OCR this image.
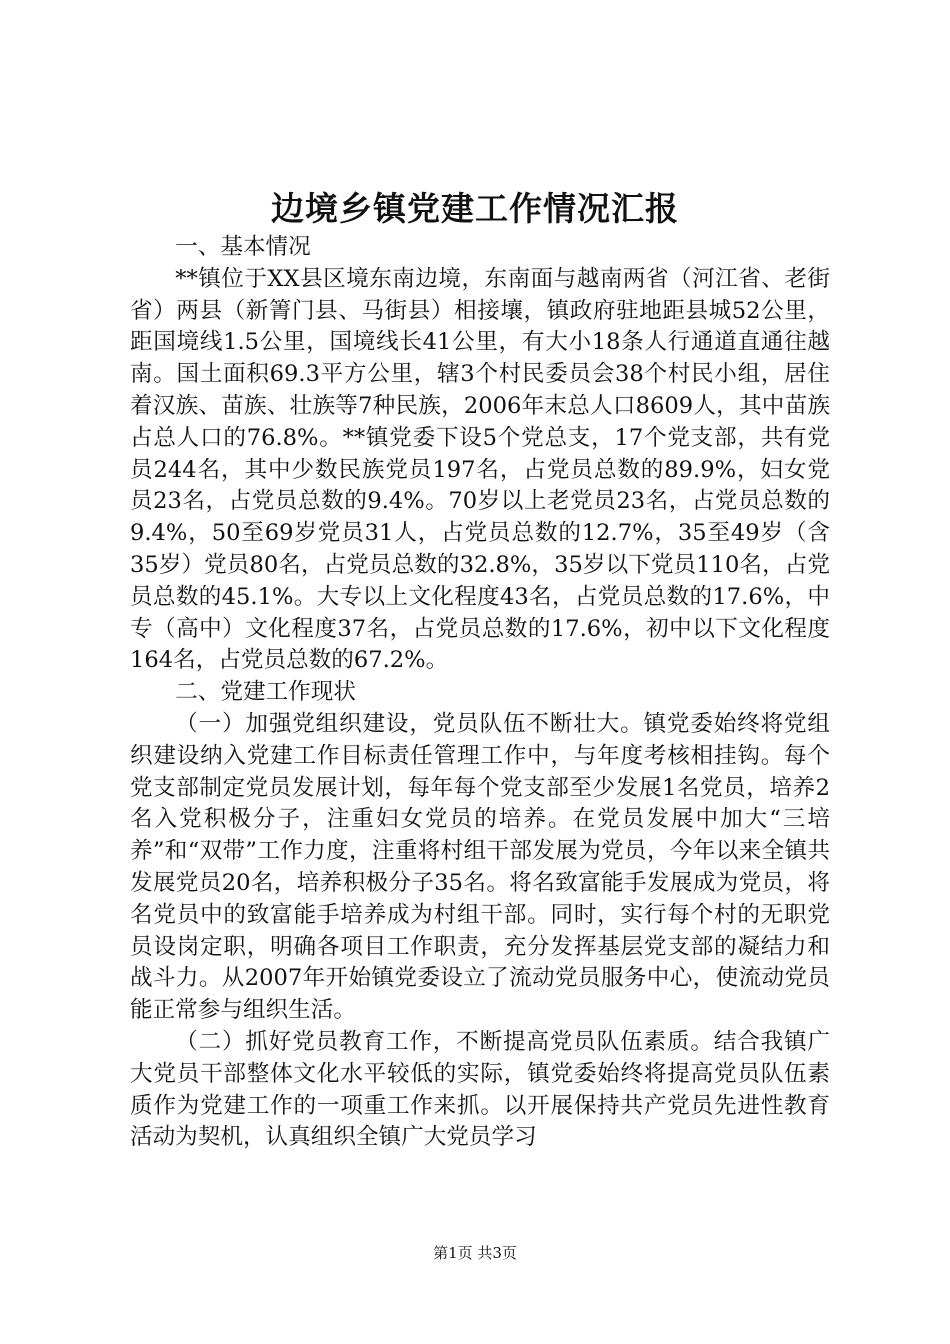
边境乡镇党建工作情况汇报

一、基本情况

**镇位于XX县区境东南边境，东南面与越南两省（河江省、老街省）两县（新箐门县、马街县）相接壤，镇政府驻地距县城52公里，距国境线1.5公里，国境线长41公里，有大小18条人行通道直通往越南。国土面积69.3平方公里，辖3个村民委员会38个村民小组，居住着汉族、苗族、壮族等7种民族，2006年末总人口8609人，其中苗族占总人口的76.8%。**镇党委下设5个党总支，17个党支部，共有党员244名，其中少数民族党员197名，占党员总数的89.9%，妇女党员23名，占党员总数的9.4%。70岁以上老党员23名，占党员总数的9.4%，50至69岁党员31人，占党员总数的12.7%，35至49岁（含35岁）党员80名，占党员总数的32.8%，35岁以下党员110名，占党员总数的45.1%。大专以上文化程度43名，占党员总数的17.6%，中专（高中）文化程度37名，占党员总数的17.6%，初中以下文化程度164名，占党员总数的67.2%。

二、党建工作现状

（一）加强党组织建设，党员队伍不断壮大。镇党委始终将党组织建设纳入党建工作目标责任管理工作中，与年度考核相挂钩。每个党支部制定党员发展计划，每年每个党支部至少发展1名党员，培养2名入党积极分子，注重妇女党员的培养。在党员发展中加大“三培养”和“双带”工作力度，注重将村组干部发展为党员，今年以来全镇共发展党员20名，培养积极分子35名。将名致富能手发展成为党员，将名党员中的致富能手培养成为村组干部。同时，实行每个村的无职党员设岗定职，明确各项目工作职责，充分发挥基层党支部的凝结力和战斗力。从2007年开始镇党委设立了流动党员服务中心，使流动党员能正常参与组织生活。

（二）抓好党员教育工作，不断提高党员队伍素质。结合我镇广大党员干部整体文化水平较低的实际，镇党委始终将提高党员队伍素质作为党建工作的一项重工作来抓。以开展保持共产党员先进性教育活动为契机，认真组织全镇广大党员学习

第1页 共3页
